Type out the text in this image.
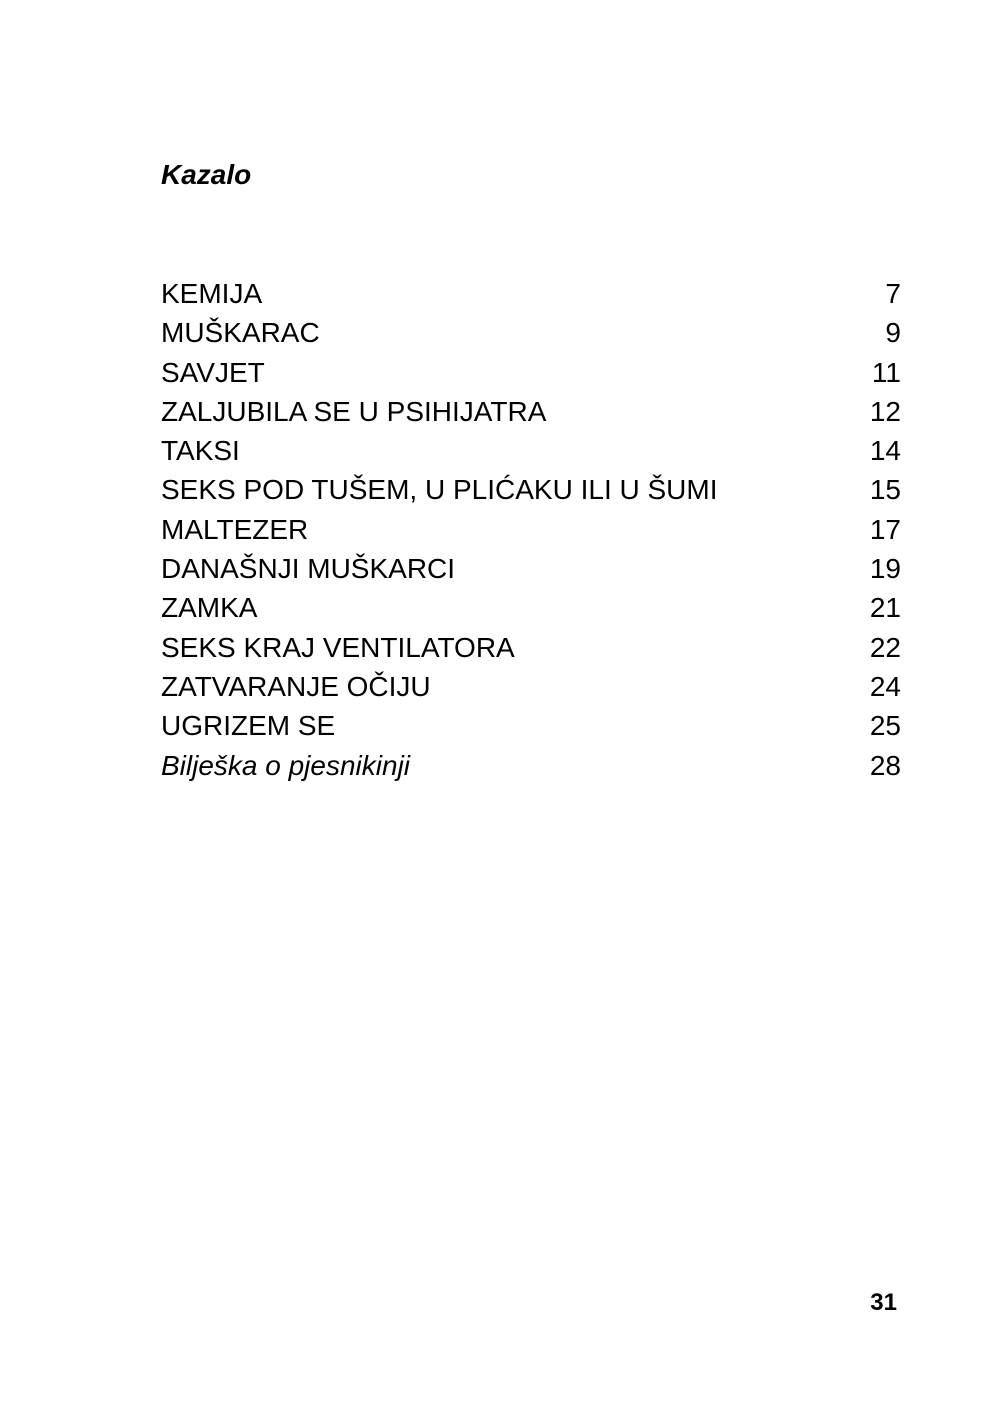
Kazalo
KEMIJA	7
MUŠKARAC	9
SAVJET	11
ZALJUBILA SE U PSIHIJATRA	12
TAKSI	14
SEKS POD TUŠEM, U PLIĆAKU ILI U ŠUMI	15
MALTEZER	17
DANAŠNJI MUŠKARCI	19
ZAMKA	21
SEKS KRAJ VENTILATORA	22
ZATVARANJE OČIJU	24
UGRIZEM SE	25
Bilješka o pjesnikinji	28
31
